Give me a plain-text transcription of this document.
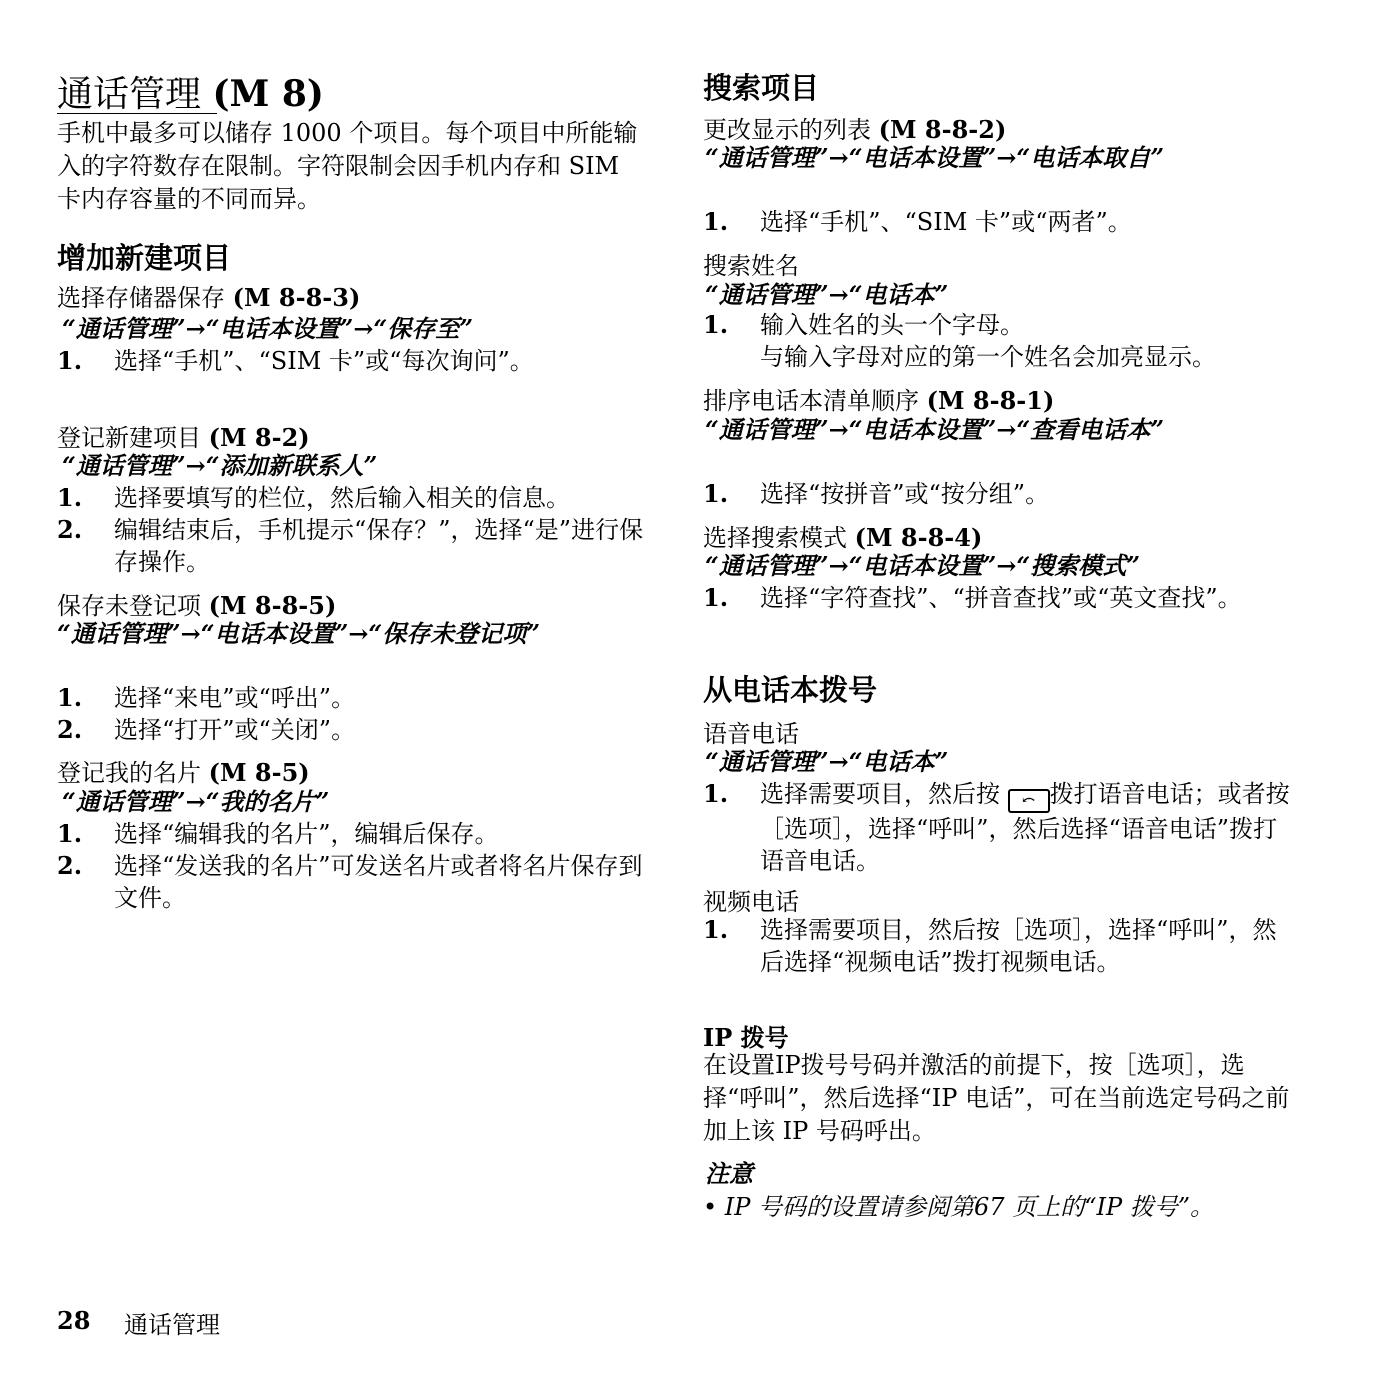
通话管理 (M 8)

手机中最多可以储存 1000 个项目。每个项目中所能输入的字符数存在限制。字符限制会因手机内存和 SIM 卡内存容量的不同而异。

增加新建项目
选择存储器保存 (M 8-8-3)

“通话管理”→“电话本设置”→“保存至”

1. 选择“手机”、“SIM 卡”或“每次询问”。
登记新建项目 (M 8-2)

“通话管理”→“添加新联系人”

1. 选择要填写的栏位，然后输入相关的信息。
2. 编辑结束后，手机提示“保存？”，选择“是”进行保存操作。
保存未登记项 (M 8-8-5)

“通话管理”→“电话本设置”→“保存未登记项”

1. 选择“来电”或“呼出”。
2. 选择“打开”或“关闭”。
登记我的名片 (M 8-5)

“通话管理”→“我的名片”

1. 选择“编辑我的名片”，编辑后保存。
2. 选择“发送我的名片”可发送名片或者将名片保存到文件。
搜索项目
更改显示的列表 (M 8-8-2)

“通话管理”→“电话本设置”→“电话本取自”

1. 选择“手机”、“SIM 卡”或“两者”。
搜索姓名

“通话管理”→“电话本”

1. 输入姓名的头一个字母。

与输入字母对应的第一个姓名会加亮显示。

排序电话本清单顺序 (M 8-8-1)

“通话管理”→“电话本设置”→“查看电话本”

1. 选择“按拼音”或“按分组”。
选择搜索模式 (M 8-8-4)

“通话管理”→“电话本设置”→“搜索模式”

1. 选择“字符查找”、“拼音查找”或“英文查找”。
从电话本拨号
语音电话

“通话管理”→“电话本”

1. 选择需要项目，然后按 ⤺ 拨打语音电话；或者按［选项］，选择“呼叫”，然后选择“语音电话”拨打语音电话。
视频电话
1. 选择需要项目，然后按［选项］，选择“呼叫”，然后选择“视频电话”拨打视频电话。
IP 拨号

在设置IP拨号号码并激活的前提下，按［选项］，选择“呼叫”，然后选择“IP 电话”，可在当前选定号码之前加上该 IP 号码呼出。

注意
• IP 号码的设置请参阅第67 页上的“IP 拨号”。
28 通话管理
